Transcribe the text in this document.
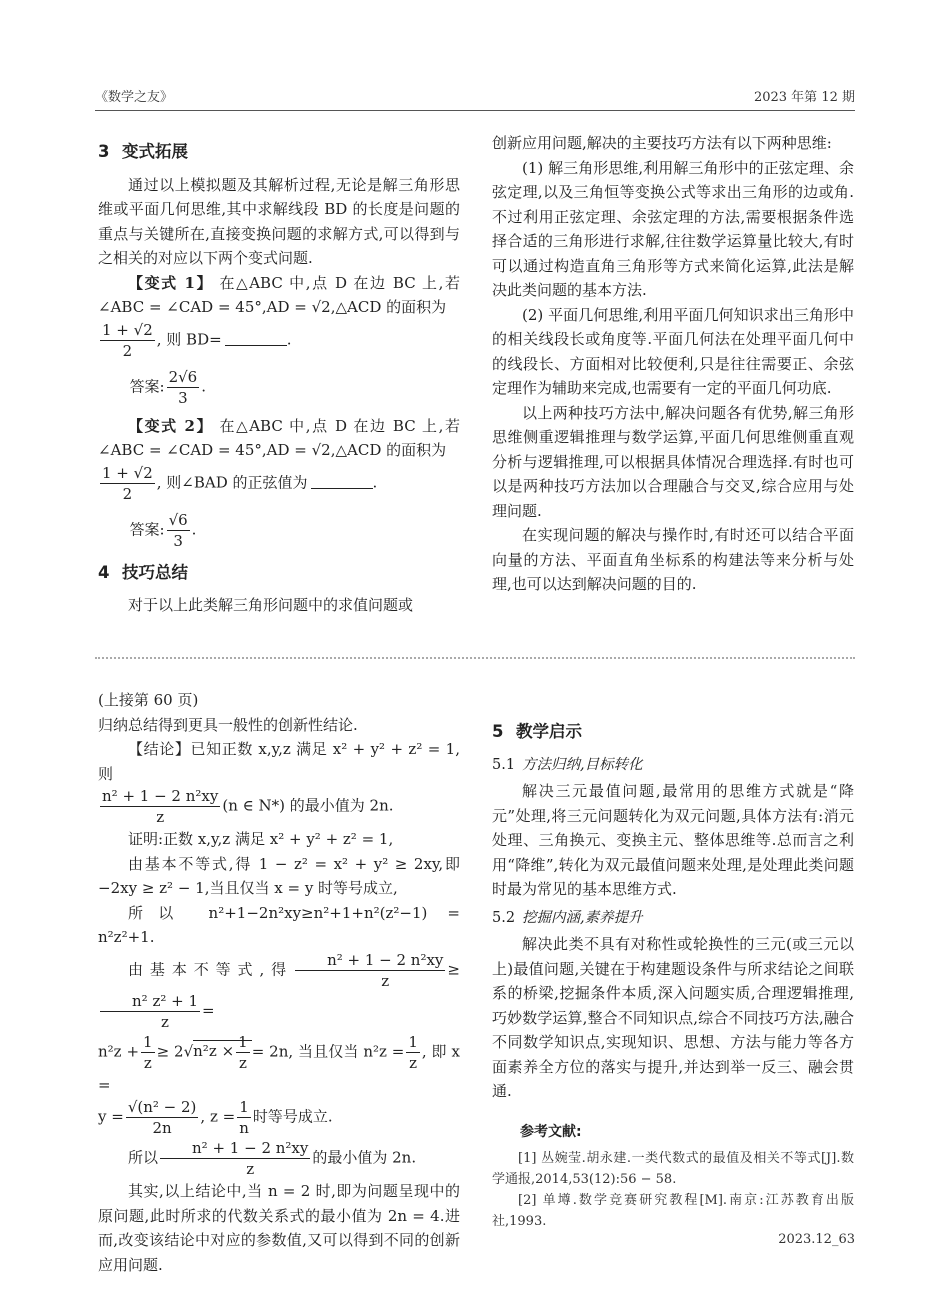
《数学之友》	2023 年第 12 期
3 变式拓展

通过以上模拟题及其解析过程,无论是解三角形思维或平面几何思维,其中求解线段 BD 的长度是问题的重点与关键所在,直接变换问题的求解方式,可以得到与之相关的对应以下两个变式问题.

【变式 1】 在△ABC 中,点 D 在边 BC 上,若∠ABC = ∠CAD = 45°,AD = √2,△ACD 的面积为

$\frac{1 + √2}{2}$ , 则 BD=	.

答案: $\frac{2√6}{3}$ .

【变式 2】 在△ABC 中,点 D 在边 BC 上,若∠ABC = ∠CAD = 45°,AD = √2,△ACD 的面积为

$\frac{1 + √2}{2}$ , 则∠BAD 的正弦值为	.

答案: $\frac{√6}{3}$ .
4 技巧总结

对于以上此类解三角形问题中的求值问题或

创新应用问题,解决的主要技巧方法有以下两种思维:

(1) 解三角形思维,利用解三角形中的正弦定理、余弦定理,以及三角恒等变换公式等求出三角形的边或角.不过利用正弦定理、余弦定理的方法,需要根据条件选择合适的三角形进行求解,往往数学运算量比较大,有时可以通过构造直角三角形等方式来简化运算,此法是解决此类问题的基本方法.

(2) 平面几何思维,利用平面几何知识求出三角形中的相关线段长或角度等.平面几何法在处理平面几何中的线段长、方面相对比较便利,只是往往需要正、余弦定理作为辅助来完成,也需要有一定的平面几何功底.

以上两种技巧方法中,解决问题各有优势,解三角形思维侧重逻辑推理与数学运算,平面几何思维侧重直观分析与逻辑推理,可以根据具体情况合理选择.有时也可以是两种技巧方法加以合理融合与交叉,综合应用与处理问题.

在实现问题的解决与操作时,有时还可以结合平面向量的方法、平面直角坐标系的构建法等来分析与处理,也可以达到解决问题的目的.

(上接第 60 页)

归纳总结得到更具一般性的创新性结论.

【结论】已知正数 x,y,z 满足 x² + y² + z² = 1,则

$\frac{\text{n² + 1 − 2 n²xy}}{z} (n$ ∈ N*) 的最小值为 2n.

证明:正数 x,y,z 满足 x² + y² + z² = 1,

由基本不等式,得 1 − z² = x² + y² ≥ 2xy,即 −2xy ≥ z² − 1,当且仅当 x = y 时等号成立,

所以 n²+1−2n²xy≥n²+1+n²(z²−1) = n²z²+1.

由基本不等式,得 $\frac{\text{n² + 1 − 2 n²xy}}{z}$ ≥
$\frac{\text{n² z² + 1}}{z}$ =

$n^2z + \frac{1}{z} \ge 2√n^2z \times \frac{1}{z} = 2n$, 当且仅当 $n^2z = \frac{1}{z}$ , 即 x =

$y = \frac{\text{√(n² − 2)}}{2n}$ , $z = \frac{1}{n}$ 时等号成立.

所以 $\frac{\text{n² + 1 − 2 n²xy}}{z}$ 的最小值为 2n.

其实,以上结论中,当 n = 2 时,即为问题呈现中的原问题,此时所求的代数关系式的最小值为 2n = 4.进而,改变该结论中对应的参数值,又可以得到不同的创新应用问题.

5 教学启示
5.1 方法归纳,目标转化

解决三元最值问题,最常用的思维方式就是“降元”处理,将三元问题转化为双元问题,具体方法有:消元处理、三角换元、变换主元、整体思维等.总而言之利用“降维”,转化为双元最值问题来处理,是处理此类问题时最为常见的基本思维方式.

5.2 挖掘内涵,素养提升

解决此类不具有对称性或轮换性的三元(或三元以上)最值问题,关键在于构建题设条件与所求结论之间联系的桥梁,挖掘条件本质,深入问题实质,合理逻辑推理,巧妙数学运算,整合不同知识点,综合不同技巧方法,融合不同数学知识点,实现知识、思想、方法与能力等各方面素养全方位的落实与提升,并达到举一反三、融会贯通.

参考文献:

[1] 丛婉莹.胡永建.一类代数式的最值及相关不等式[J].数学通报,2014,53(12):56 − 58.

[2] 单墫.数学竞赛研究教程[M].南京:江苏教育出版社,1993.

2023.12_63
